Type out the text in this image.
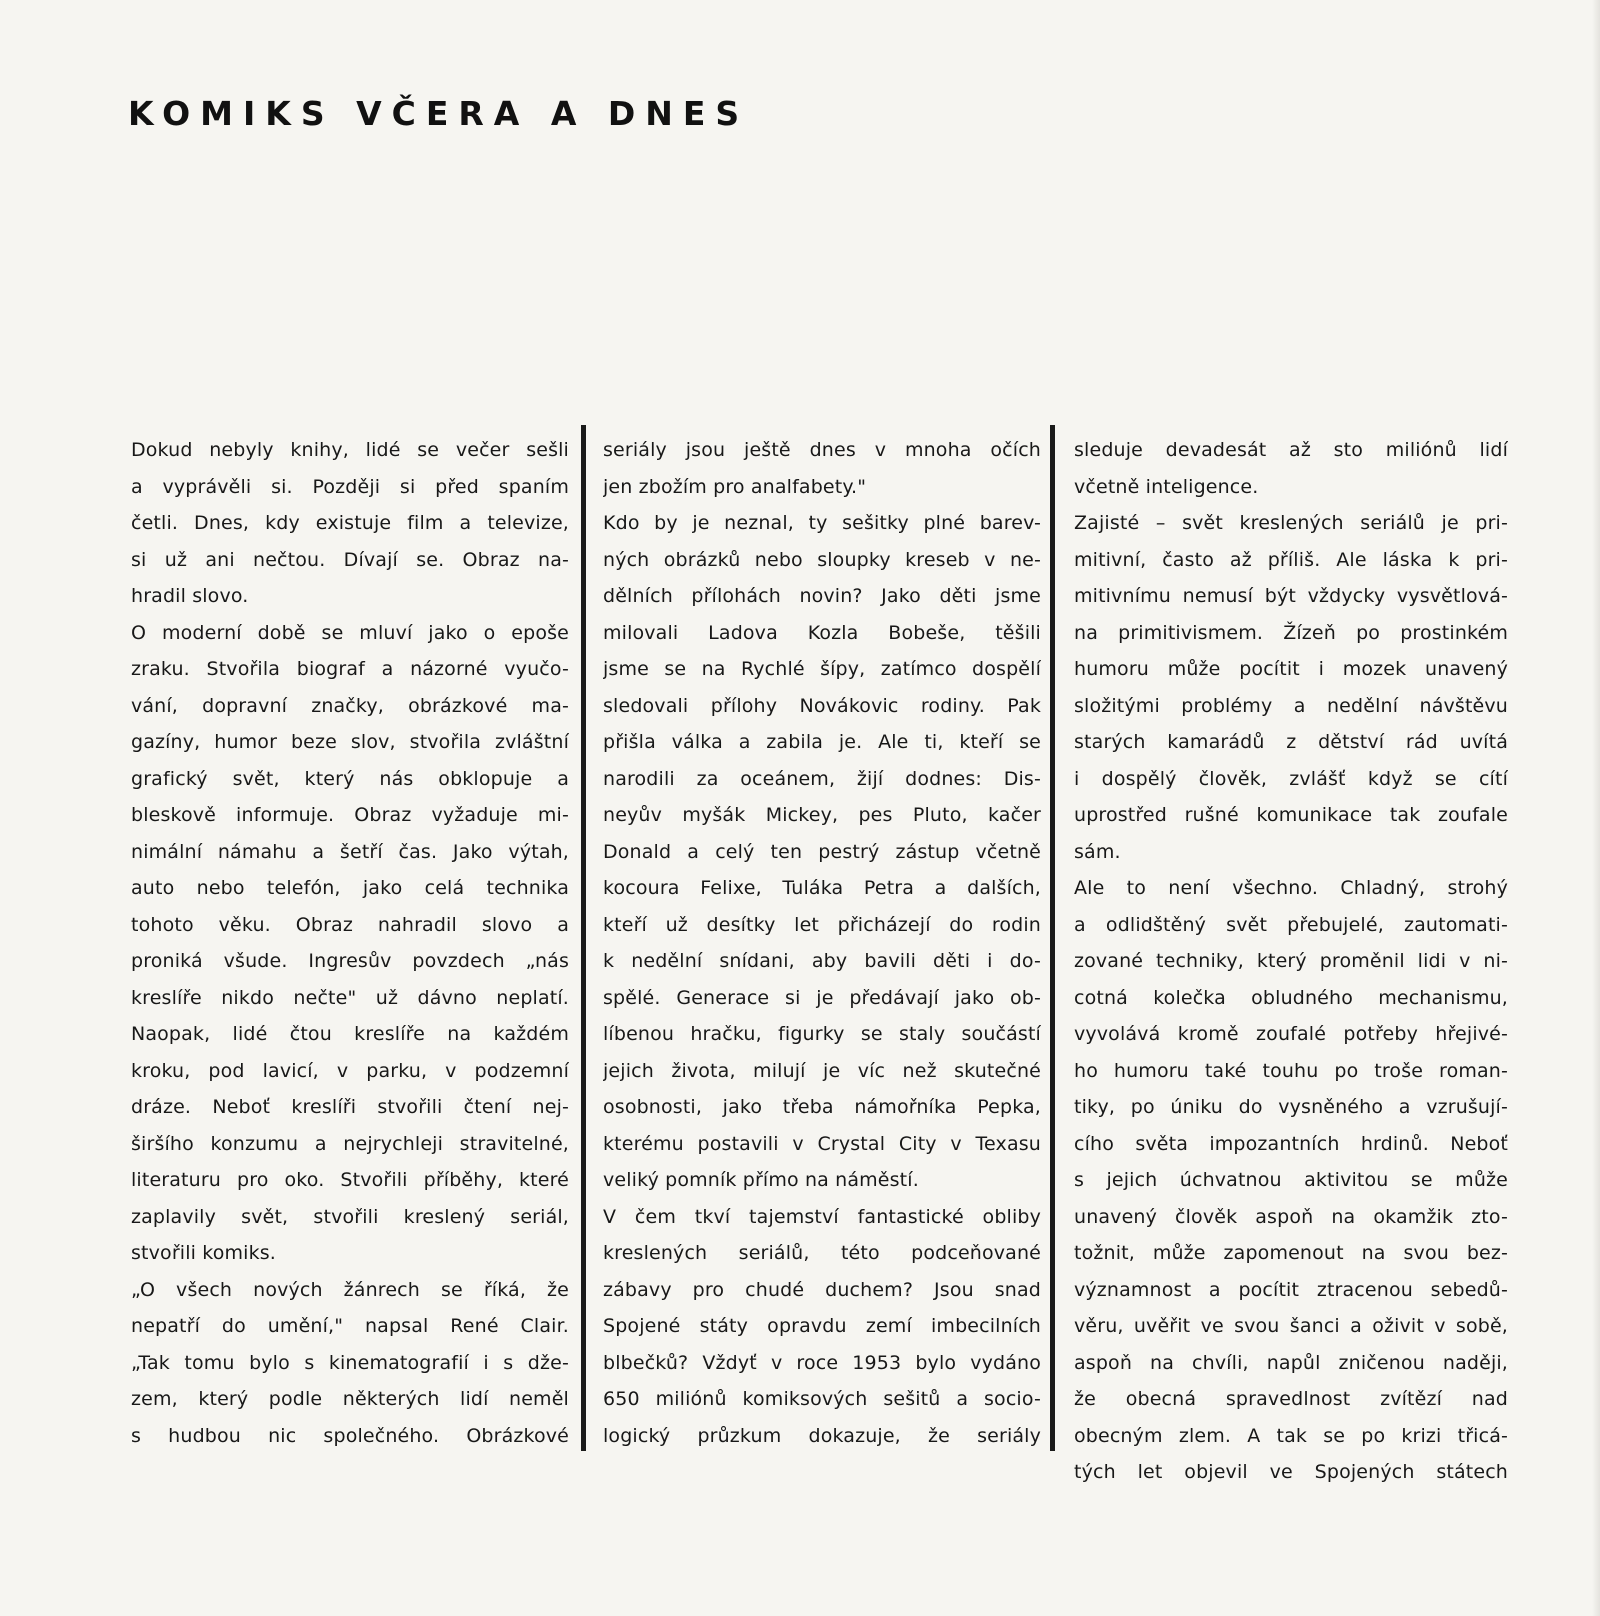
KOMIKS VČERA A DNES
Dokud nebyly knihy, lidé se večer sešli
a vyprávěli si. Později si před spaním
četli. Dnes, kdy existuje film a televize,
si už ani nečtou. Dívají se. Obraz na-
hradil slovo.
O moderní době se mluví jako o epoše
zraku. Stvořila biograf a názorné vyučo-
vání, dopravní značky, obrázkové ma-
gazíny, humor beze slov, stvořila zvláštní
grafický svět, který nás obklopuje a
bleskově informuje. Obraz vyžaduje mi-
nimální námahu a šetří čas. Jako výtah,
auto nebo telefón, jako celá technika
tohoto věku. Obraz nahradil slovo a
proniká všude. Ingresův povzdech „nás
kreslíře nikdo nečte" už dávno neplatí.
Naopak, lidé čtou kreslíře na každém
kroku, pod lavicí, v parku, v podzemní
dráze. Neboť kreslíři stvořili čtení nej-
širšího konzumu a nejrychleji stravitelné,
literaturu pro oko. Stvořili příběhy, které
zaplavily svět, stvořili kreslený seriál,
stvořili komiks.
„O všech nových žánrech se říká, že
nepatří do umění," napsal René Clair.
„Tak tomu bylo s kinematografií i s dže-
zem, který podle některých lidí neměl
s hudbou nic společného. Obrázkové
seriály jsou ještě dnes v mnoha očích
jen zbožím pro analfabety."
Kdo by je neznal, ty sešitky plné barev-
ných obrázků nebo sloupky kreseb v ne-
dělních přílohách novin? Jako děti jsme
milovali Ladova Kozla Bobeše, těšili
jsme se na Rychlé šípy, zatímco dospělí
sledovali přílohy Novákovic rodiny. Pak
přišla válka a zabila je. Ale ti, kteří se
narodili za oceánem, žijí dodnes: Dis-
neyův myšák Mickey, pes Pluto, kačer
Donald a celý ten pestrý zástup včetně
kocoura Felixe, Tuláka Petra a dalších,
kteří už desítky let přicházejí do rodin
k nedělní snídani, aby bavili děti i do-
spělé. Generace si je předávají jako ob-
líbenou hračku, figurky se staly součástí
jejich života, milují je víc než skutečné
osobnosti, jako třeba námořníka Pepka,
kterému postavili v Crystal City v Texasu
veliký pomník přímo na náměstí.
V čem tkví tajemství fantastické obliby
kreslených seriálů, této podceňované
zábavy pro chudé duchem? Jsou snad
Spojené státy opravdu zemí imbecilních
blbečků? Vždyť v roce 1953 bylo vydáno
650 miliónů komiksových sešitů a socio-
logický průzkum dokazuje, že seriály
sleduje devadesát až sto miliónů lidí
včetně inteligence.
Zajisté – svět kreslených seriálů je pri-
mitivní, často až příliš. Ale láska k pri-
mitivnímu nemusí být vždycky vysvětlová-
na primitivismem. Žízeň po prostinkém
humoru může pocítit i mozek unavený
složitými problémy a nedělní návštěvu
starých kamarádů z dětství rád uvítá
i dospělý člověk, zvlášť když se cítí
uprostřed rušné komunikace tak zoufale
sám.
Ale to není všechno. Chladný, strohý
a odlidštěný svět přebujelé, zautomati-
zované techniky, který proměnil lidi v ni-
cotná kolečka obludného mechanismu,
vyvolává kromě zoufalé potřeby hřejivé-
ho humoru také touhu po troše roman-
tiky, po úniku do vysněného a vzrušují-
cího světa impozantních hrdinů. Neboť
s jejich úchvatnou aktivitou se může
unavený člověk aspoň na okamžik zto-
tožnit, může zapomenout na svou bez-
významnost a pocítit ztracenou sebedů-
věru, uvěřit ve svou šanci a oživit v sobě,
aspoň na chvíli, napůl zničenou naději,
že obecná spravedlnost zvítězí nad
obecným zlem. A tak se po krizi třicá-
tých let objevil ve Spojených státech
